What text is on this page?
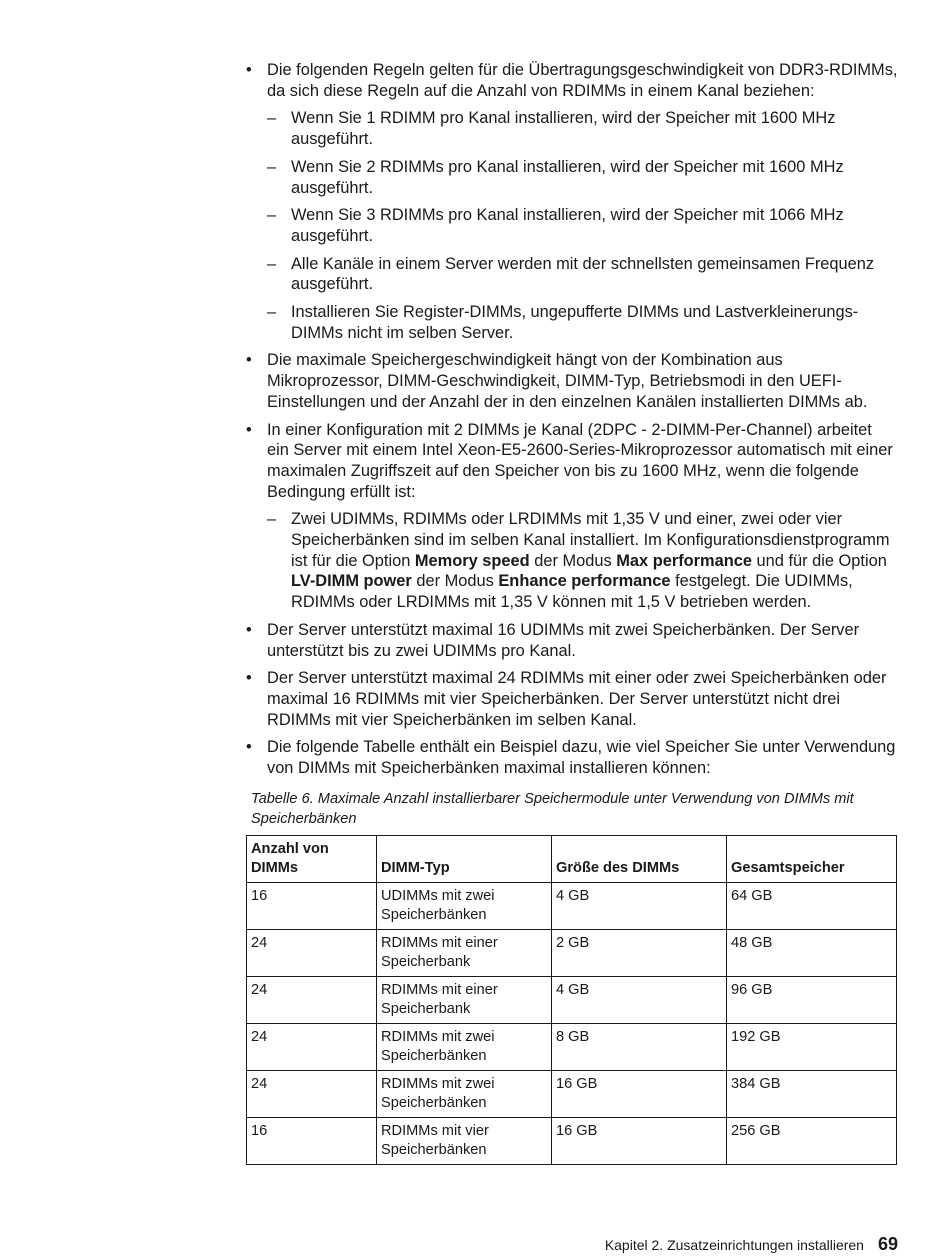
• Die folgenden Regeln gelten für die Übertragungsgeschwindigkeit von DDR3-RDIMMs, da sich diese Regeln auf die Anzahl von RDIMMs in einem Kanal beziehen:
– Wenn Sie 1 RDIMM pro Kanal installieren, wird der Speicher mit 1600 MHz ausgeführt.
– Wenn Sie 2 RDIMMs pro Kanal installieren, wird der Speicher mit 1600 MHz ausgeführt.
– Wenn Sie 3 RDIMMs pro Kanal installieren, wird der Speicher mit 1066 MHz ausgeführt.
– Alle Kanäle in einem Server werden mit der schnellsten gemeinsamen Frequenz ausgeführt.
– Installieren Sie Register-DIMMs, ungepufferte DIMMs und Lastverkleinerungs-DIMMs nicht im selben Server.
• Die maximale Speichergeschwindigkeit hängt von der Kombination aus Mikroprozessor, DIMM-Geschwindigkeit, DIMM-Typ, Betriebsmodi in den UEFI-Einstellungen und der Anzahl der in den einzelnen Kanälen installierten DIMMs ab.
• In einer Konfiguration mit 2 DIMMs je Kanal (2DPC - 2-DIMM-Per-Channel) arbeitet ein Server mit einem Intel Xeon-E5-2600-Series-Mikroprozessor automatisch mit einer maximalen Zugriffszeit auf den Speicher von bis zu 1600 MHz, wenn die folgende Bedingung erfüllt ist:
– Zwei UDIMMs, RDIMMs oder LRDIMMs mit 1,35 V und einer, zwei oder vier Speicherbänken sind im selben Kanal installiert. Im Konfigurationsdienstprogramm ist für die Option Memory speed der Modus Max performance und für die Option LV-DIMM power der Modus Enhance performance festgelegt. Die UDIMMs, RDIMMs oder LRDIMMs mit 1,35 V können mit 1,5 V betrieben werden.
• Der Server unterstützt maximal 16 UDIMMs mit zwei Speicherbänken. Der Server unterstützt bis zu zwei UDIMMs pro Kanal.
• Der Server unterstützt maximal 24 RDIMMs mit einer oder zwei Speicherbänken oder maximal 16 RDIMMs mit vier Speicherbänken. Der Server unterstützt nicht drei RDIMMs mit vier Speicherbänken im selben Kanal.
• Die folgende Tabelle enthält ein Beispiel dazu, wie viel Speicher Sie unter Verwendung von DIMMs mit Speicherbänken maximal installieren können:
Tabelle 6. Maximale Anzahl installierbarer Speichermodule unter Verwendung von DIMMs mit Speicherbänken
Anzahl von DIMMs	DIMM-Typ	Größe des DIMMs	Gesamtspeicher
16	UDIMMs mit zwei Speicherbänken	4 GB	64 GB
24	RDIMMs mit einer Speicherbank	2 GB	48 GB
24	RDIMMs mit einer Speicherbank	4 GB	96 GB
24	RDIMMs mit zwei Speicherbänken	8 GB	192 GB
24	RDIMMs mit zwei Speicherbänken	16 GB	384 GB
16	RDIMMs mit vier Speicherbänken	16 GB	256 GB
Kapitel 2. Zusatzeinrichtungen installieren 69
